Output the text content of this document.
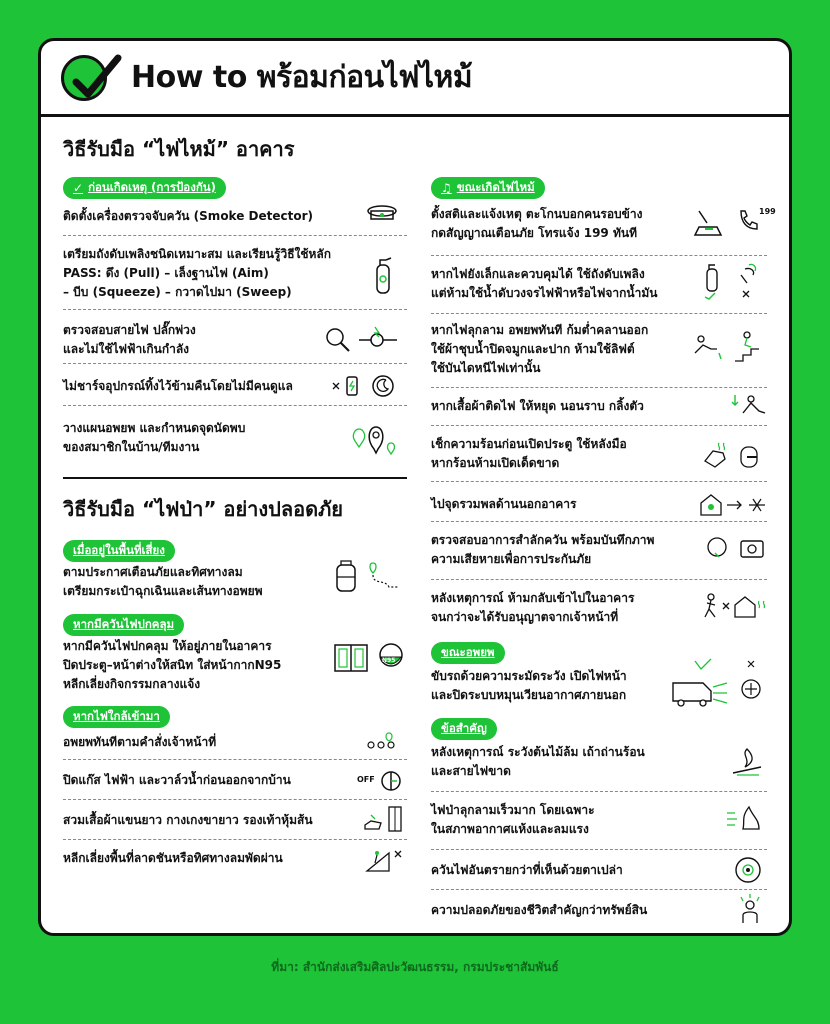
How to พร้อมก่อนไฟไหม้
วิธีรับมือ “ไฟไหม้” อาคาร
✓ ก่อนเกิดเหตุ (การป้องกัน)
ติดตั้งเครื่องตรวจจับควัน (Smoke Detector)
เตรียมถังดับเพลิงชนิดเหมาะสม และเรียนรู้วิธีใช้หลัก
PASS: ดึง (Pull) – เล็งฐานไฟ (Aim)
– บีบ (Squeeze) – กวาดไปมา (Sweep)
ตรวจสอบสายไฟ ปลั๊กพ่วง
และไม่ใช้ไฟฟ้าเกินกำลัง
ไม่ชาร์จอุปกรณ์ทิ้งไว้ข้ามคืนโดยไม่มีคนดูแล
วางแผนอพยพ และกำหนดจุดนัดพบ
ของสมาชิกในบ้าน/ทีมงาน
วิธีรับมือ “ไฟป่า” อย่างปลอดภัย
เมื่ออยู่ในพื้นที่เสี่ยง
ตามประกาศเตือนภัยและทิศทางลม
เตรียมกระเป๋าฉุกเฉินและเส้นทางอพยพ
หากมีควันไฟปกคลุม
หากมีควันไฟปกคลุม ให้อยู่ภายในอาคาร
ปิดประตู–หน้าต่างให้สนิท ใส่หน้ากากN95
หลีกเลี่ยงกิจกรรมกลางแจ้ง
N95
หากไฟใกล้เข้ามา
อพยพทันทีตามคำสั่งเจ้าหน้าที่
ปิดแก๊ส ไฟฟ้า และวาล์วน้ำก่อนออกจากบ้าน	OFF
สวมเสื้อผ้าแขนยาว กางเกงขายาว รองเท้าหุ้มส้น
หลีกเลี่ยงพื้นที่ลาดชันหรือทิศทางลมพัดผ่าน
♫ ขณะเกิดไฟไหม้
ตั้งสติและแจ้งเหตุ ตะโกนบอกคนรอบข้าง
กดสัญญาณเตือนภัย โทรแจ้ง 199 ทันที
199
หากไฟยังเล็กและควบคุมได้ ใช้ถังดับเพลิง
แต่ห้ามใช้น้ำดับวงจรไฟฟ้าหรือไฟจากน้ำมัน
หากไฟลุกลาม อพยพทันที ก้มต่ำคลานออก
ใช้ผ้าชุบน้ำปิดจมูกและปาก ห้ามใช้ลิฟต์
ใช้บันไดหนีไฟเท่านั้น
หากเสื้อผ้าติดไฟ ให้หยุด นอนราบ กลิ้งตัว
เช็กความร้อนก่อนเปิดประตู ใช้หลังมือ
หากร้อนห้ามเปิดเด็ดขาด
ไปจุดรวมพลด้านนอกอาคาร
ตรวจสอบอาการสำลักควัน พร้อมบันทึกภาพ
ความเสียหายเพื่อการประกันภัย
หลังเหตุการณ์ ห้ามกลับเข้าไปในอาคาร
จนกว่าจะได้รับอนุญาตจากเจ้าหน้าที่
ขณะอพยพ
ขับรถด้วยความระมัดระวัง เปิดไฟหน้า
และปิดระบบหมุนเวียนอากาศภายนอก
ข้อสำคัญ
หลังเหตุการณ์ ระวังต้นไม้ล้ม เถ้าถ่านร้อน
และสายไฟขาด
ไฟป่าลุกลามเร็วมาก โดยเฉพาะ
ในสภาพอากาศแห้งและลมแรง
ควันไฟอันตรายกว่าที่เห็นด้วยตาเปล่า
ความปลอดภัยของชีวิตสำคัญกว่าทรัพย์สิน
ที่มา: สำนักส่งเสริมศิลปะวัฒนธรรม, กรมประชาสัมพันธ์
